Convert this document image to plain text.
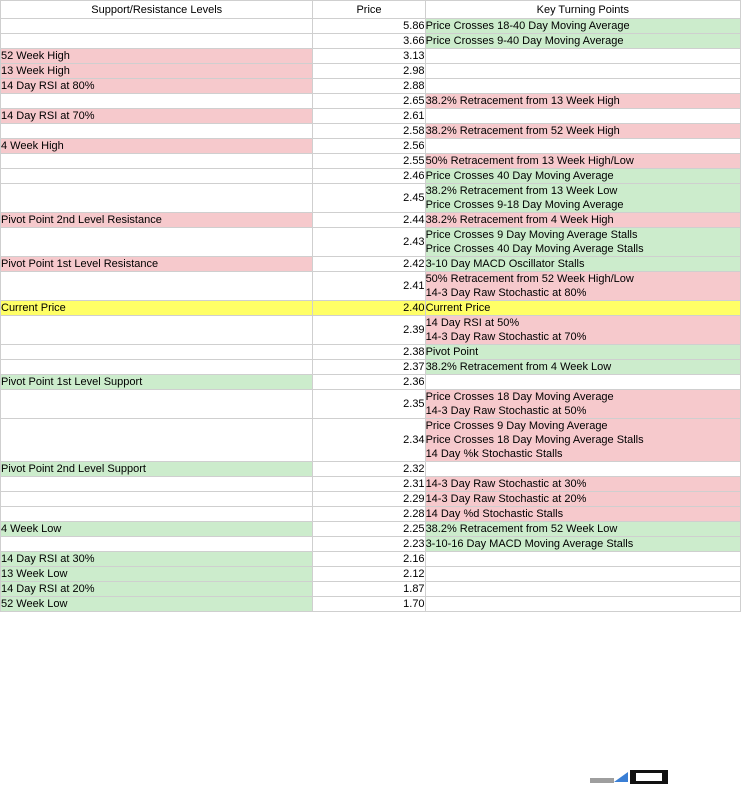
Support/Resistance Levels	Price	Key Turning Points
	5.86	Price Crosses 18-40 Day Moving Average

	3.66	Price Crosses 9-40 Day Moving Average

52 Week High	3.13	
13 Week High	2.98	
14 Day RSI at 80%	2.88	
	2.65	38.2% Retracement from 13 Week High

14 Day RSI at 70%	2.61	
	2.58	38.2% Retracement from 52 Week High

4 Week High	2.56	
	2.55	50% Retracement from 13 Week High/Low

	2.46	Price Crosses 40 Day Moving Average

	2.45	38.2% Retracement from 13 Week Low
Price Crosses 9-18 Day Moving Average

Pivot Point 2nd Level Resistance	2.44	38.2% Retracement from 4 Week High

	2.43	Price Crosses 9 Day Moving Average Stalls
Price Crosses 40 Day Moving Average Stalls

Pivot Point 1st Level Resistance	2.42	3-10 Day MACD Oscillator Stalls

	2.41	50% Retracement from 52 Week High/Low
14-3 Day Raw Stochastic at 80%

Current Price	2.40	Current Price

	2.39	14 Day RSI at 50%
14-3 Day Raw Stochastic at 70%

	2.38	Pivot Point

	2.37	38.2% Retracement from 4 Week Low

Pivot Point 1st Level Support	2.36	
	2.35	Price Crosses 18 Day Moving Average
14-3 Day Raw Stochastic at 50%

	2.34	Price Crosses 9 Day Moving Average
Price Crosses 18 Day Moving Average Stalls
14 Day %k Stochastic Stalls

Pivot Point 2nd Level Support	2.32	
	2.31	14-3 Day Raw Stochastic at 30%

	2.29	14-3 Day Raw Stochastic at 20%

	2.28	14 Day %d Stochastic Stalls

4 Week Low	2.25	38.2% Retracement from 52 Week Low

	2.23	3-10-16 Day MACD Moving Average Stalls

14 Day RSI at 30%	2.16	
13 Week Low	2.12	
14 Day RSI at 20%	1.87	
52 Week Low	1.70	
